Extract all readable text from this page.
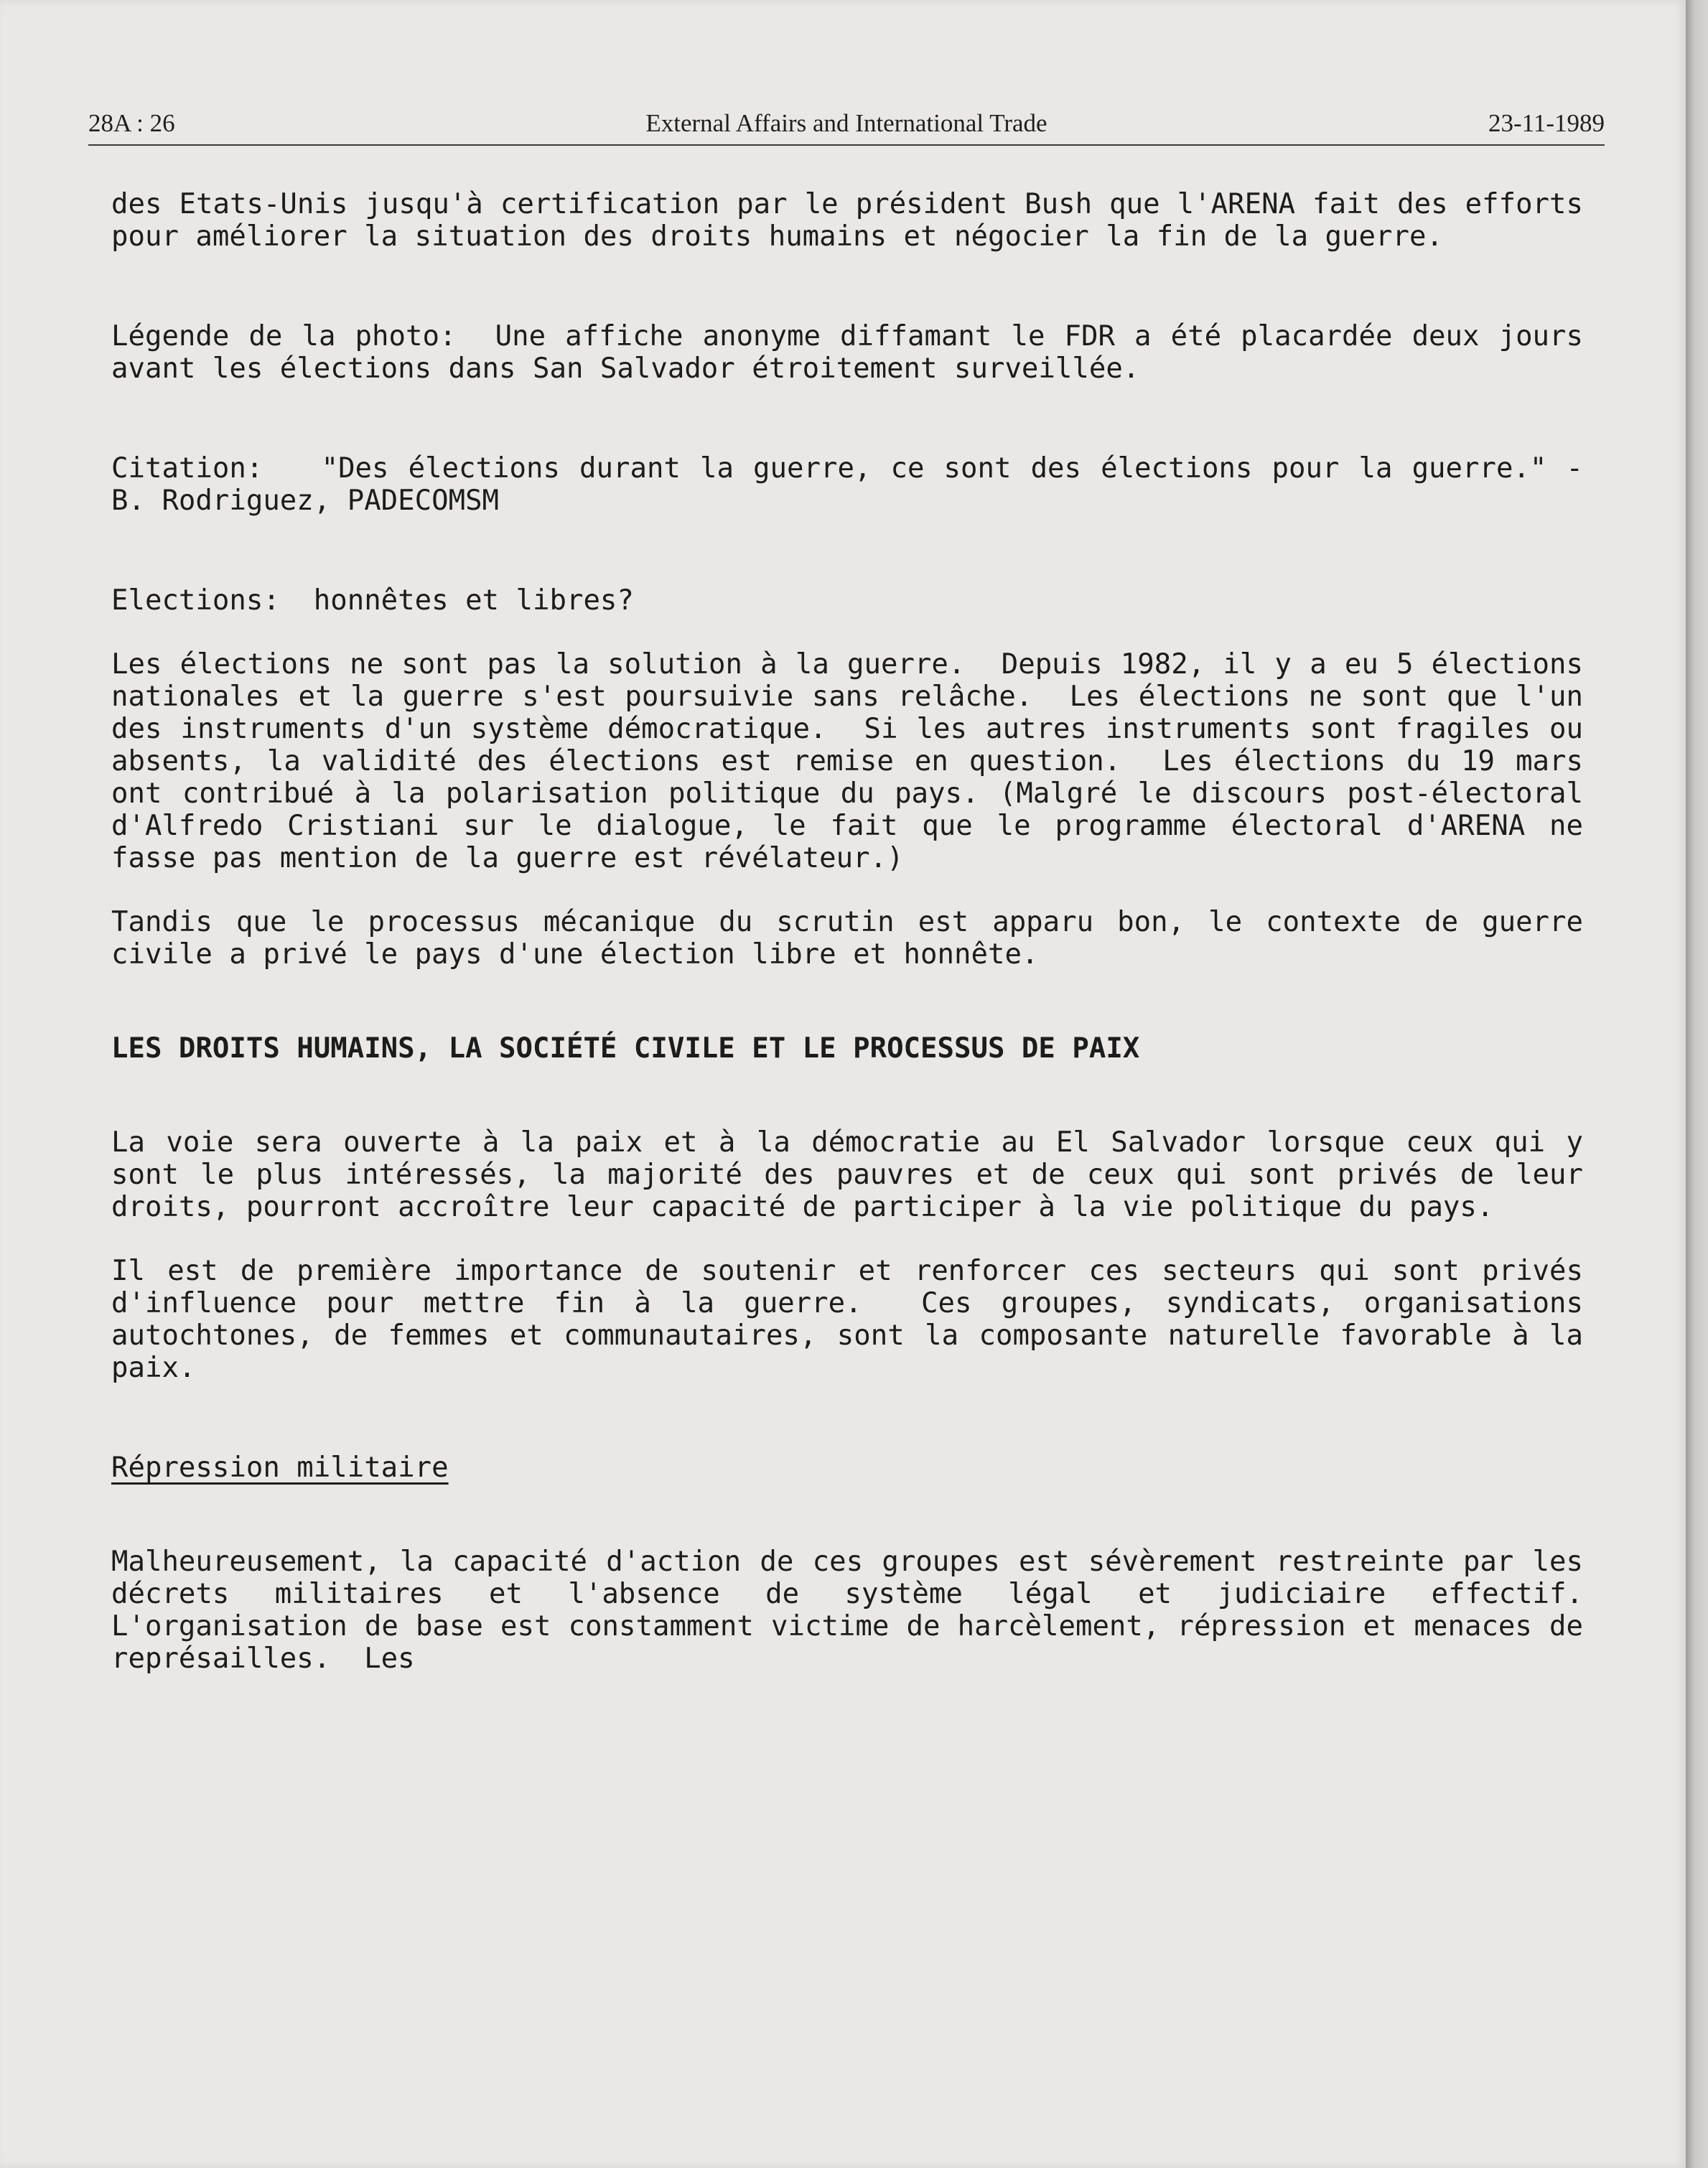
28A : 26	External Affairs and International Trade	23-11-1989

des Etats-Unis jusqu'à certification par le président Bush que l'ARENA fait des efforts pour améliorer la situation des droits humains et négocier la fin de la guerre.

Légende de la photo:  Une affiche anonyme diffamant le FDR a été placardée deux jours avant les élections dans San Salvador étroitement surveillée.

Citation:   "Des élections durant la guerre, ce sont des élections pour la guerre." - B. Rodriguez, PADECOMSM

Elections:  honnêtes et libres?

Les élections ne sont pas la solution à la guerre.  Depuis 1982, il y a eu 5 élections nationales et la guerre s'est poursuivie sans relâche.  Les élections ne sont que l'un des instruments d'un système démocratique.  Si les autres instruments sont fragiles ou absents, la validité des élections est remise en question.  Les élections du 19 mars ont contribué à la polarisation politique du pays. (Malgré le discours post-électoral d'Alfredo Cristiani sur le dialogue, le fait que le programme électoral d'ARENA ne fasse pas mention de la guerre est révélateur.)

Tandis que le processus mécanique du scrutin est apparu bon, le contexte de guerre civile a privé le pays d'une élection libre et honnête.

LES DROITS HUMAINS, LA SOCIÉTÉ CIVILE ET LE PROCESSUS DE PAIX

La voie sera ouverte à la paix et à la démocratie au El Salvador lorsque ceux qui y sont le plus intéressés, la majorité des pauvres et de ceux qui sont privés de leur droits, pourront accroître leur capacité de participer à la vie politique du pays.

Il est de première importance de soutenir et renforcer ces secteurs qui sont privés d'influence pour mettre fin à la guerre.  Ces groupes, syndicats, organisations autochtones, de femmes et communautaires, sont la composante naturelle favorable à la paix.

Répression militaire

Malheureusement, la capacité d'action de ces groupes est sévèrement restreinte par les décrets militaires et l'absence de système légal et judiciaire effectif.  L'organisation de base est constamment victime de harcèlement, répression et menaces de représailles.  Les
